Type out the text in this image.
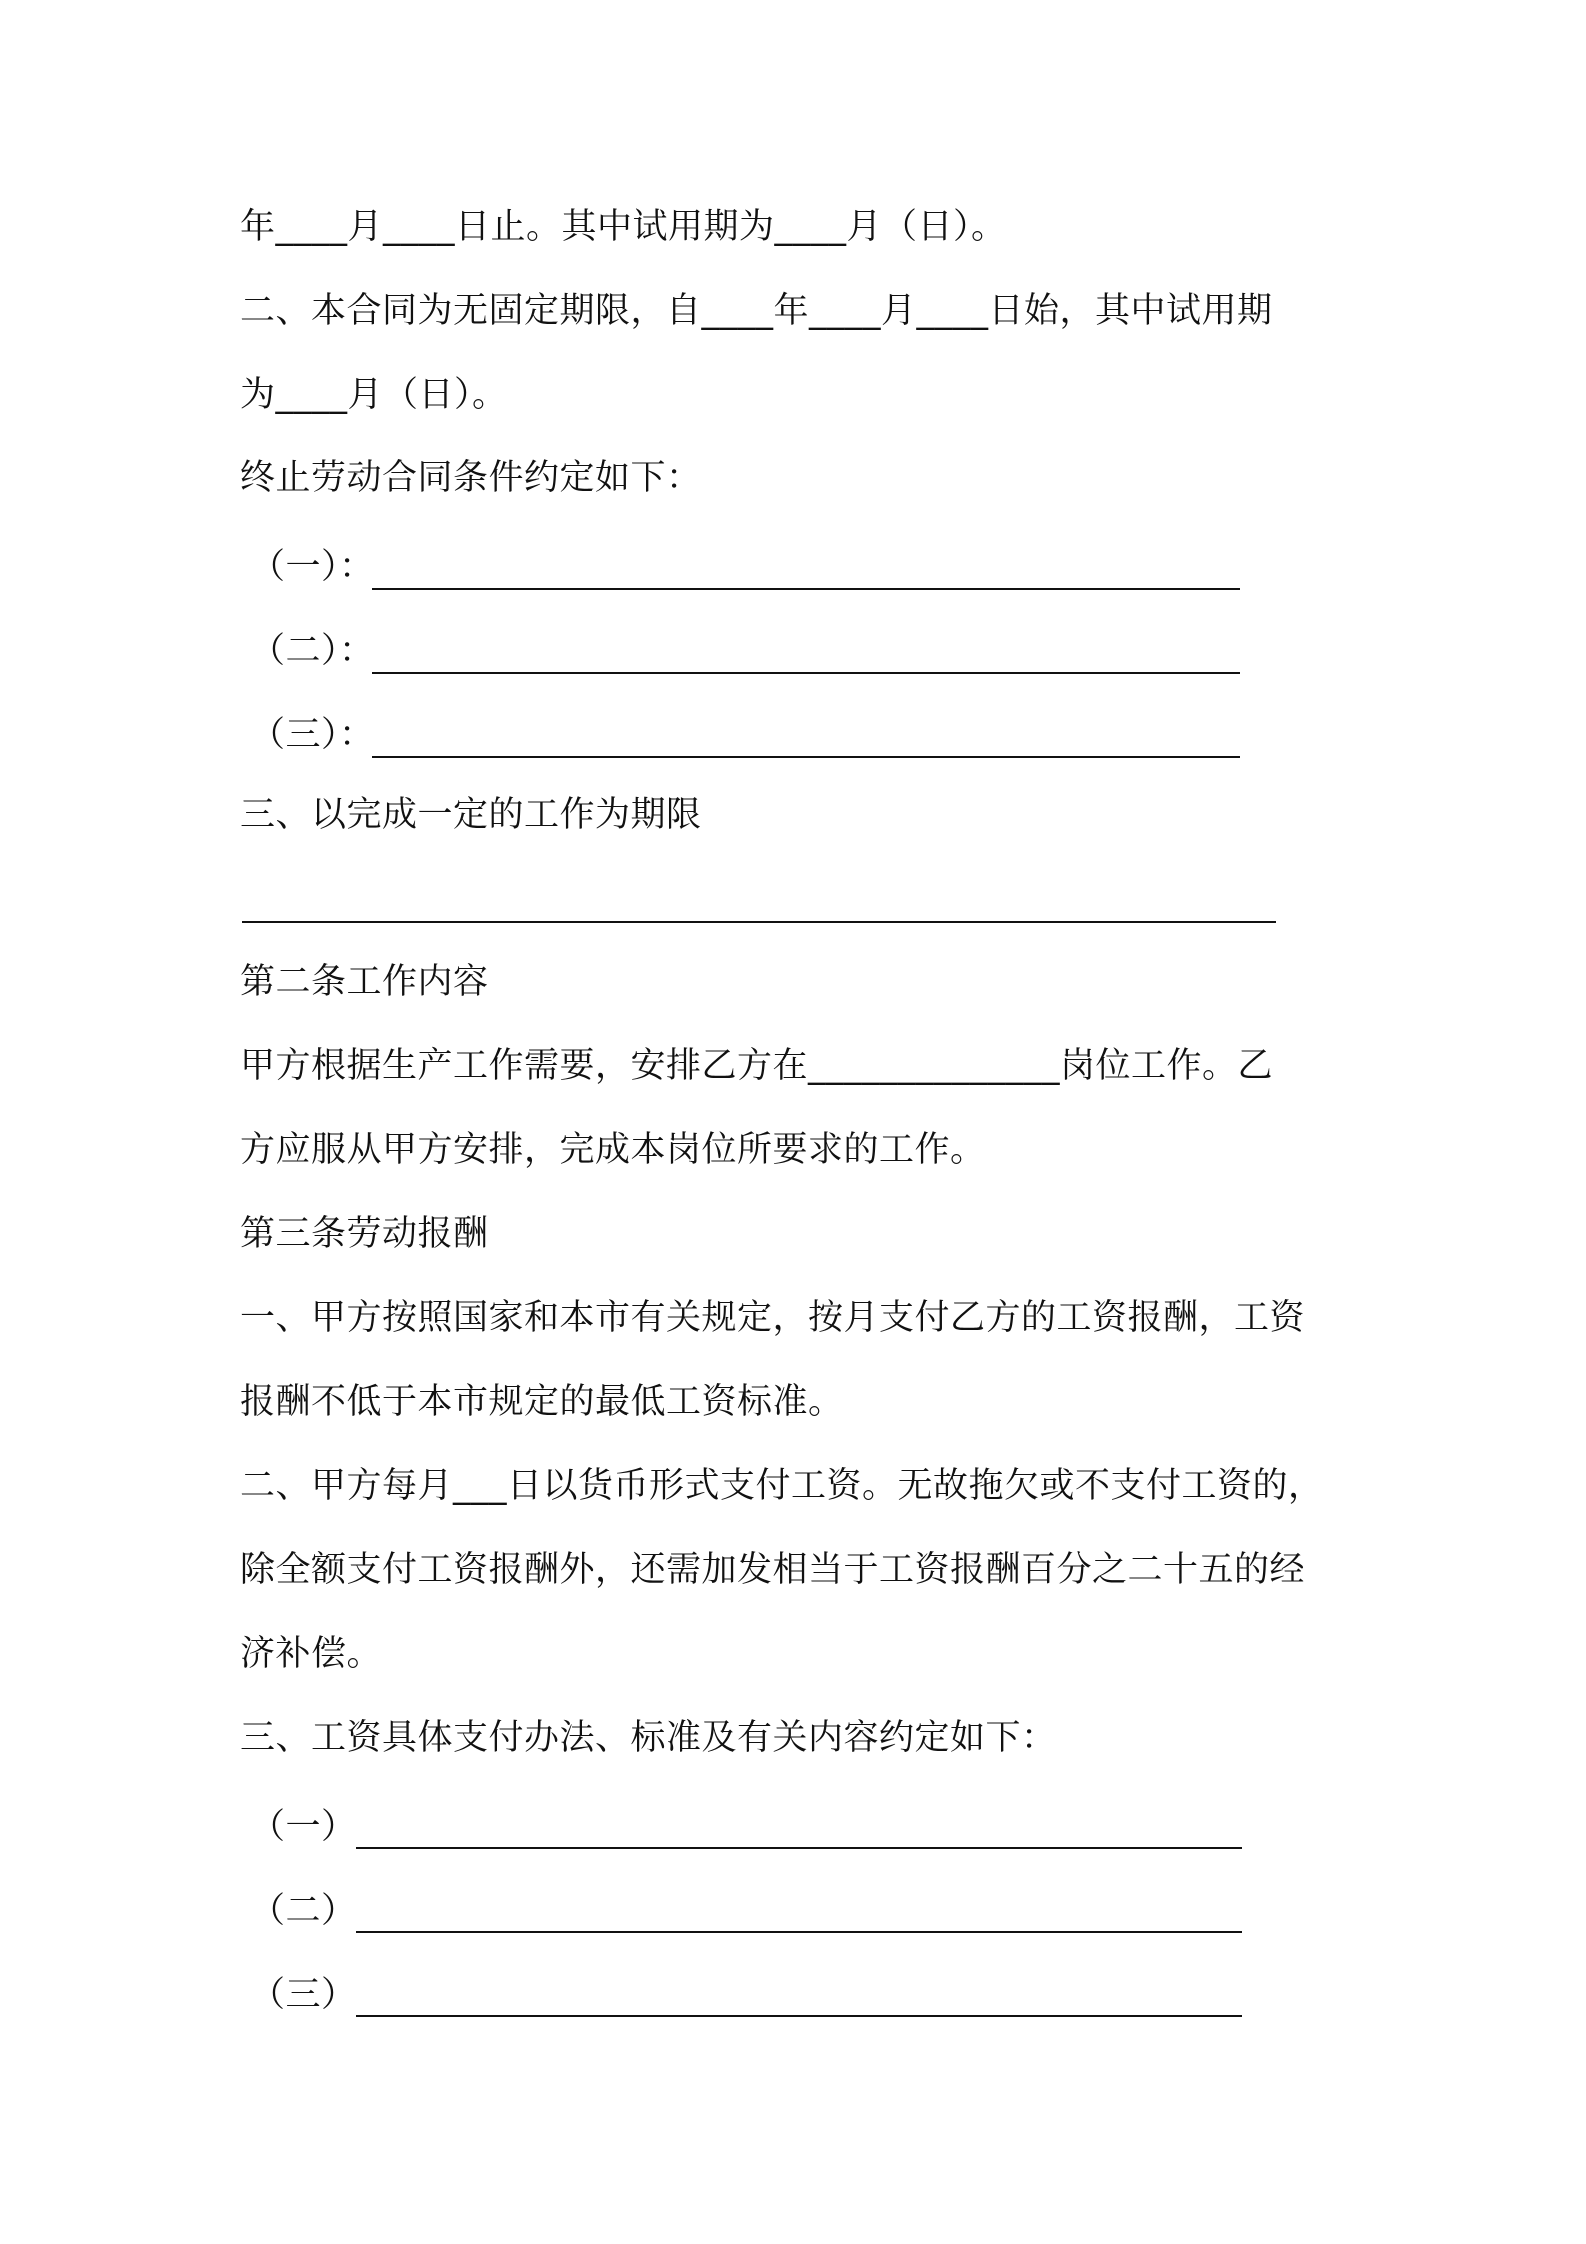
年____月____日止。其中试用期为____月（日）。
二、本合同为无固定期限，自____年____月____日始，其中试用期
为____月（日）。
终止劳动合同条件约定如下：
（一）：
（二）：
（三）：
三、以完成一定的工作为期限
第二条工作内容
甲方根据生产工作需要，安排乙方在______________岗位工作。乙
方应服从甲方安排，完成本岗位所要求的工作。
第三条劳动报酬
一、甲方按照国家和本市有关规定，按月支付乙方的工资报酬，工资
报酬不低于本市规定的最低工资标准。
二、甲方每月___日以货币形式支付工资。无故拖欠或不支付工资的，
除全额支付工资报酬外，还需加发相当于工资报酬百分之二十五的经
济补偿。
三、工资具体支付办法、标准及有关内容约定如下：
（一）
（二）
（三）
